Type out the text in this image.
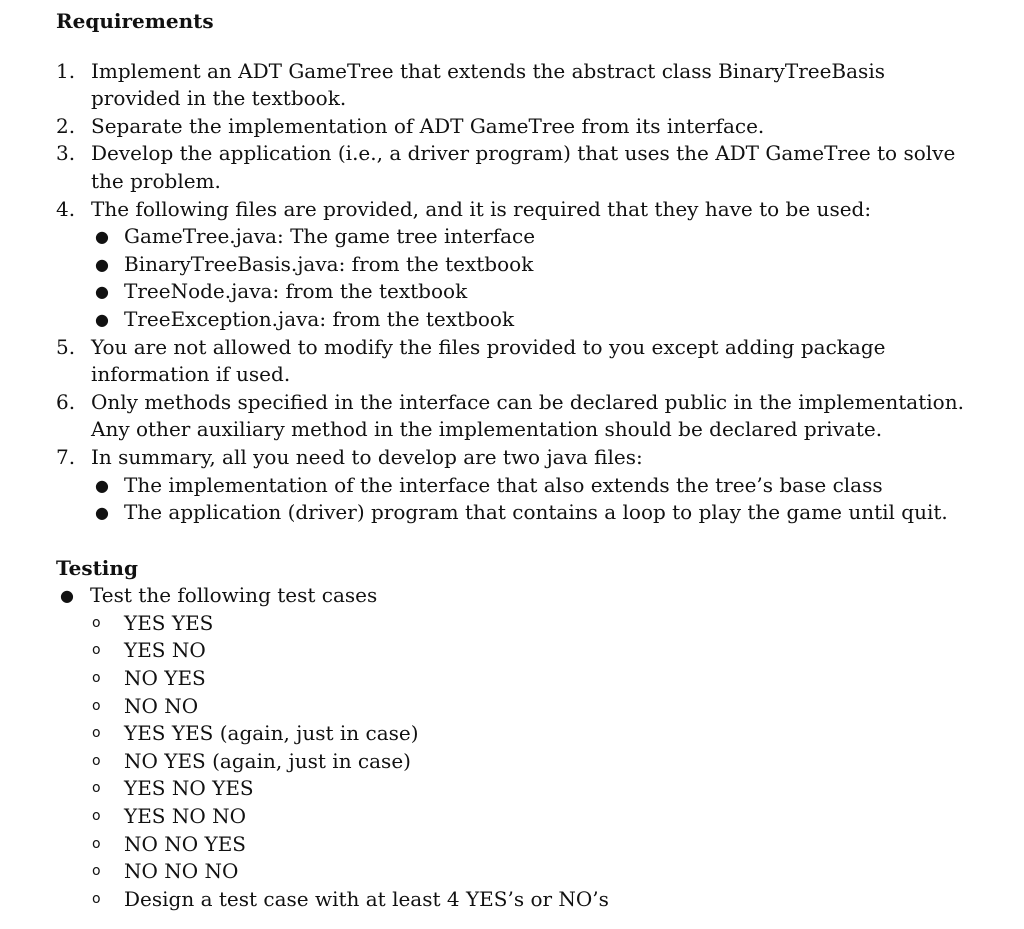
Requirements
1. Implement an ADT GameTree that extends the abstract class BinaryTreeBasis provided in the textbook.
2. Separate the implementation of ADT GameTree from its interface.
3. Develop the application (i.e., a driver program) that uses the ADT GameTree to solve the problem.
4. The following files are provided, and it is required that they have to be used:
● GameTree.java: The game tree interface
● BinaryTreeBasis.java: from the textbook
● TreeNode.java: from the textbook
● TreeException.java: from the textbook
5. You are not allowed to modify the files provided to you except adding package information if used.
6. Only methods specified in the interface can be declared public in the implementation. Any other auxiliary method in the implementation should be declared private.
7. In summary, all you need to develop are two java files:
● The implementation of the interface that also extends the tree’s base class
● The application (driver) program that contains a loop to play the game until quit.
Testing
● Test the following test cases
o YES YES
o YES NO
o NO YES
o NO NO
o YES YES (again, just in case)
o NO YES (again, just in case)
o YES NO YES
o YES NO NO
o NO NO YES
o NO NO NO
o Design a test case with at least 4 YES’s or NO’s
